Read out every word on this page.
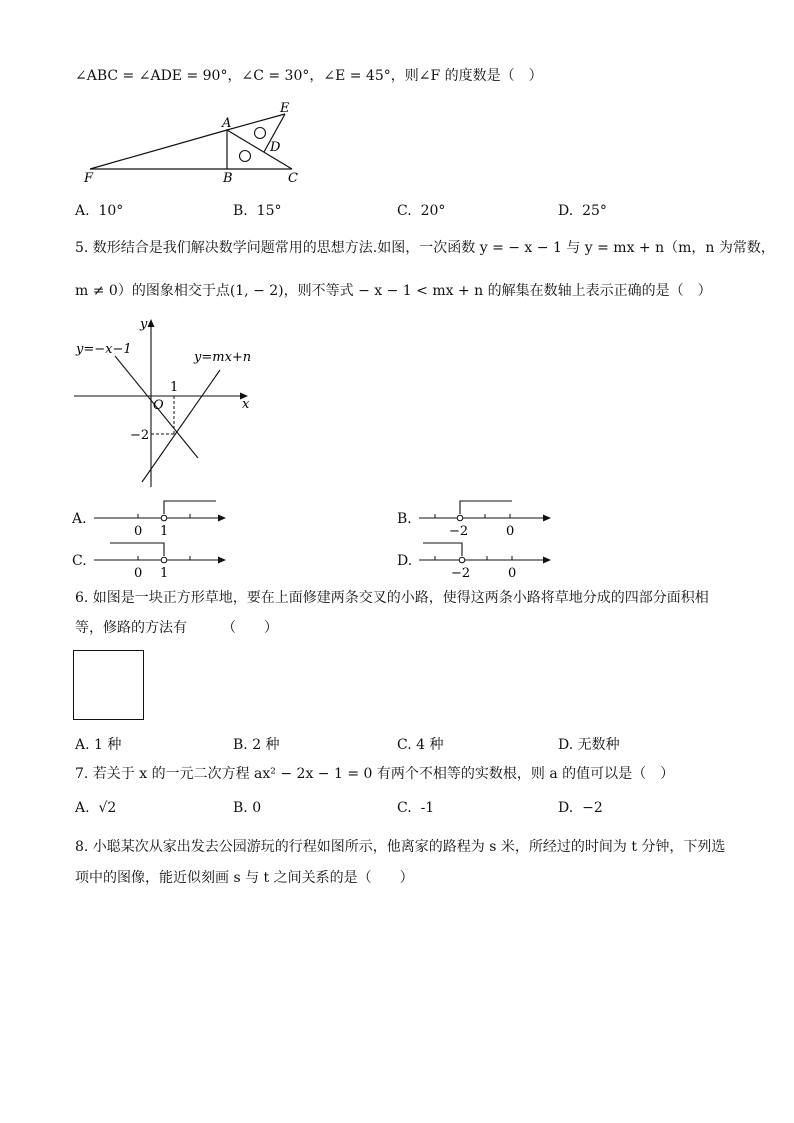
∠ABC = ∠ADE = 90°，∠C = 30°，∠E = 45°，则∠F 的度数是（　）
A
B	C
D
E
F
A. 10°	B. 15°	C. 20°	D. 25°
5. 数形结合是我们解决数学问题常用的思想方法.如图，一次函数 y = − x − 1 与 y = mx + n（m，n 为常数，
m ≠ 0）的图象相交于点(1, − 2)，则不等式 − x − 1 < mx + n 的解集在数轴上表示正确的是（　）
y
x
O
y=−x−1
y=mx+n
1
−2
A.
0 1
B.
−2	0
C.
0 1
D.
−2	0
6. 如图是一块正方形草地，要在上面修建两条交叉的小路，使得这两条小路将草地分成的四部分面积相
等，修路的方法有　　　（　　）
A. 1 种	B. 2 种	C. 4 种	D. 无数种
7. 若关于 x 的一元二次方程 ax² − 2x − 1 = 0 有两个不相等的实数根，则 a 的值可以是（　）
A. √2	B. 0	C. -1	D. −2
8. 小聪某次从家出发去公园游玩的行程如图所示，他离家的路程为 s 米，所经过的时间为 t 分钟，下列选
项中的图像，能近似刻画 s 与 t 之间关系的是（　　）
